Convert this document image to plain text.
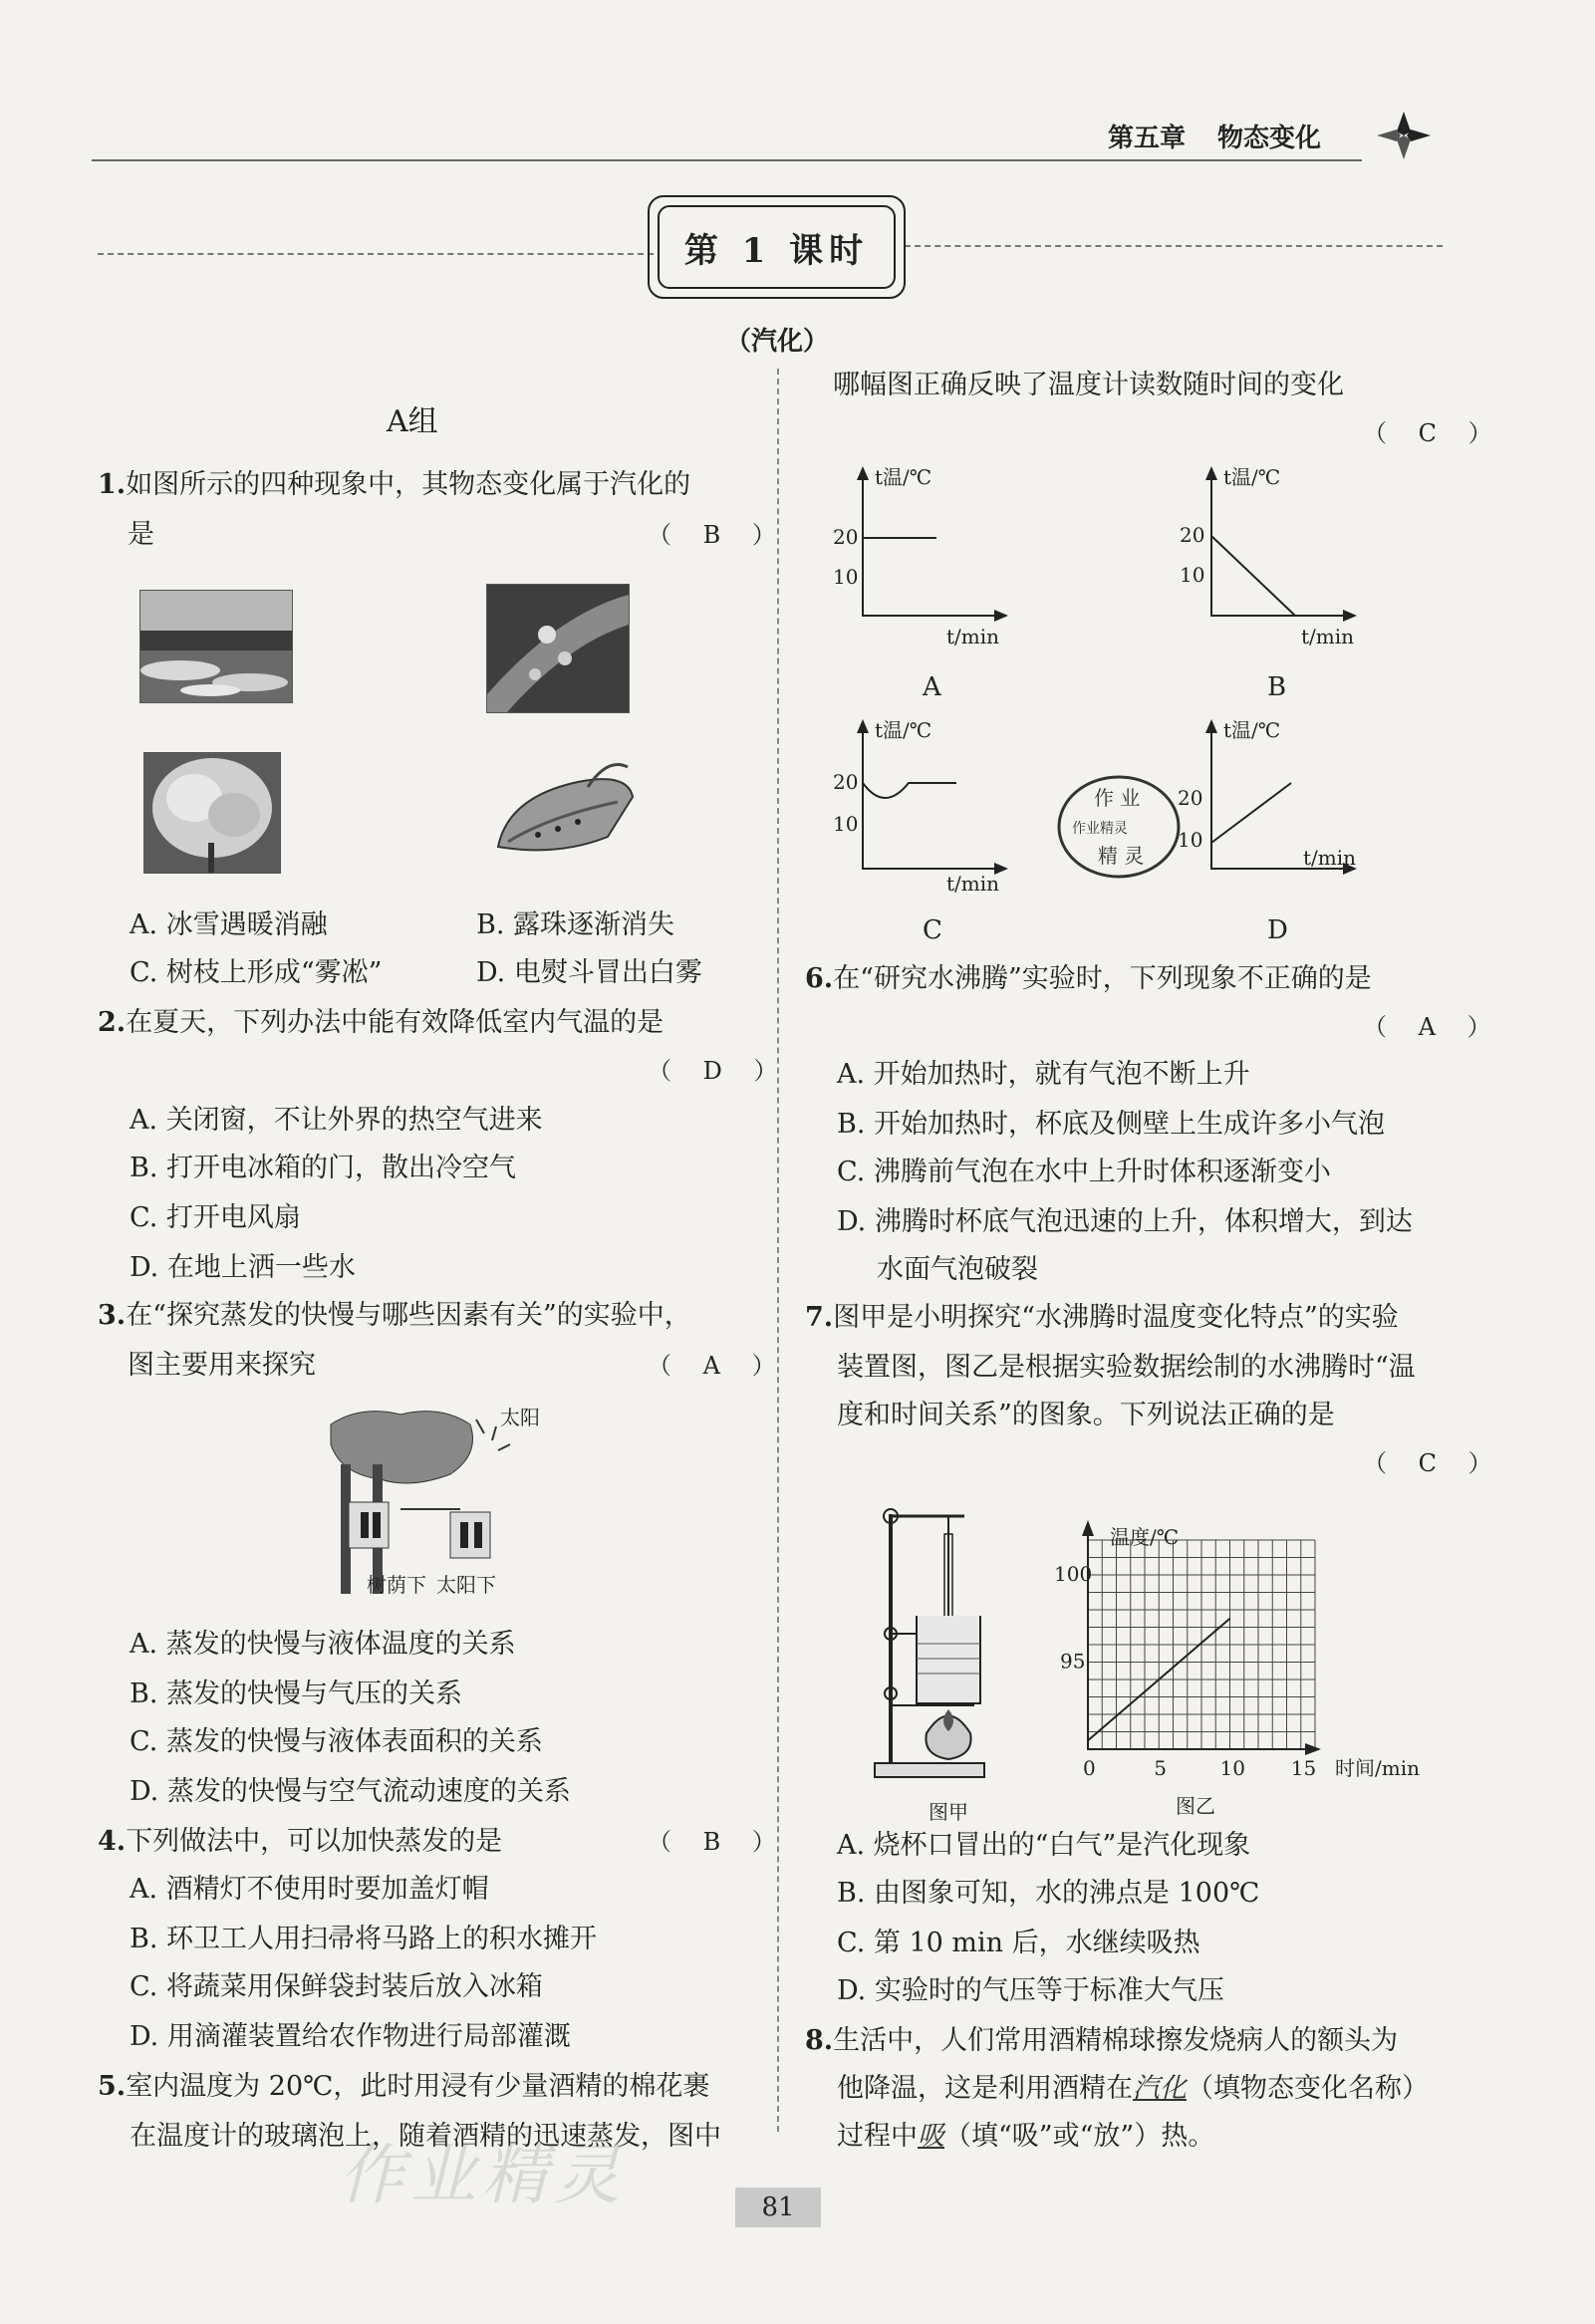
第五章 物态变化
第 1 课时
（汽化）
A组
1.如图所示的四种现象中，其物态变化属于汽化的
是	（ B ）
A. 冰雪遇暖消融	B. 露珠逐渐消失
C. 树枝上形成“雾凇”	D. 电熨斗冒出白雾
2.在夏天，下列办法中能有效降低室内气温的是
（ D ）
A. 关闭窗，不让外界的热空气进来
B. 打开电冰箱的门，散出冷空气
C. 打开电风扇
D. 在地上洒一些水
3.在“探究蒸发的快慢与哪些因素有关”的实验中，
图主要用来探究	（ A ）
太阳
树荫下 太阳下
A. 蒸发的快慢与液体温度的关系
B. 蒸发的快慢与气压的关系
C. 蒸发的快慢与液体表面积的关系
D. 蒸发的快慢与空气流动速度的关系
4.下列做法中，可以加快蒸发的是	（ B ）
A. 酒精灯不使用时要加盖灯帽
B. 环卫工人用扫帚将马路上的积水摊开
C. 将蔬菜用保鲜袋封装后放入冰箱
D. 用滴灌装置给农作物进行局部灌溉
5.室内温度为 20℃，此时用浸有少量酒精的棉花裹
在温度计的玻璃泡上，随着酒精的迅速蒸发，图中
哪幅图正确反映了温度计读数随时间的变化
（ C ）
t温/℃
20
10
t/min
A
t温/℃
20
10
t/min
B
t温/℃
20
10
t/min
C
作 业
作业精灵
精 灵
t温/℃
20
10
t/min
D
6.在“研究水沸腾”实验时，下列现象不正确的是
（ A ）
A. 开始加热时，就有气泡不断上升
B. 开始加热时，杯底及侧壁上生成许多小气泡
C. 沸腾前气泡在水中上升时体积逐渐变小
D. 沸腾时杯底气泡迅速的上升，体积增大，到达
水面气泡破裂
7.图甲是小明探究“水沸腾时温度变化特点”的实验
装置图，图乙是根据实验数据绘制的水沸腾时“温
度和时间关系”的图象。下列说法正确的是
（ C ）
图甲
温度/℃
时间/min
100
95
0	5	10 15
图乙
A. 烧杯口冒出的“白气”是汽化现象
B. 由图象可知，水的沸点是 100℃
C. 第 10 min 后，水继续吸热
D. 实验时的气压等于标准大气压
8.生活中，人们常用酒精棉球擦发烧病人的额头为
他降温，这是利用酒精在汽化（填物态变化名称）
过程中吸（填“吸”或“放”）热。
作业精灵	81
